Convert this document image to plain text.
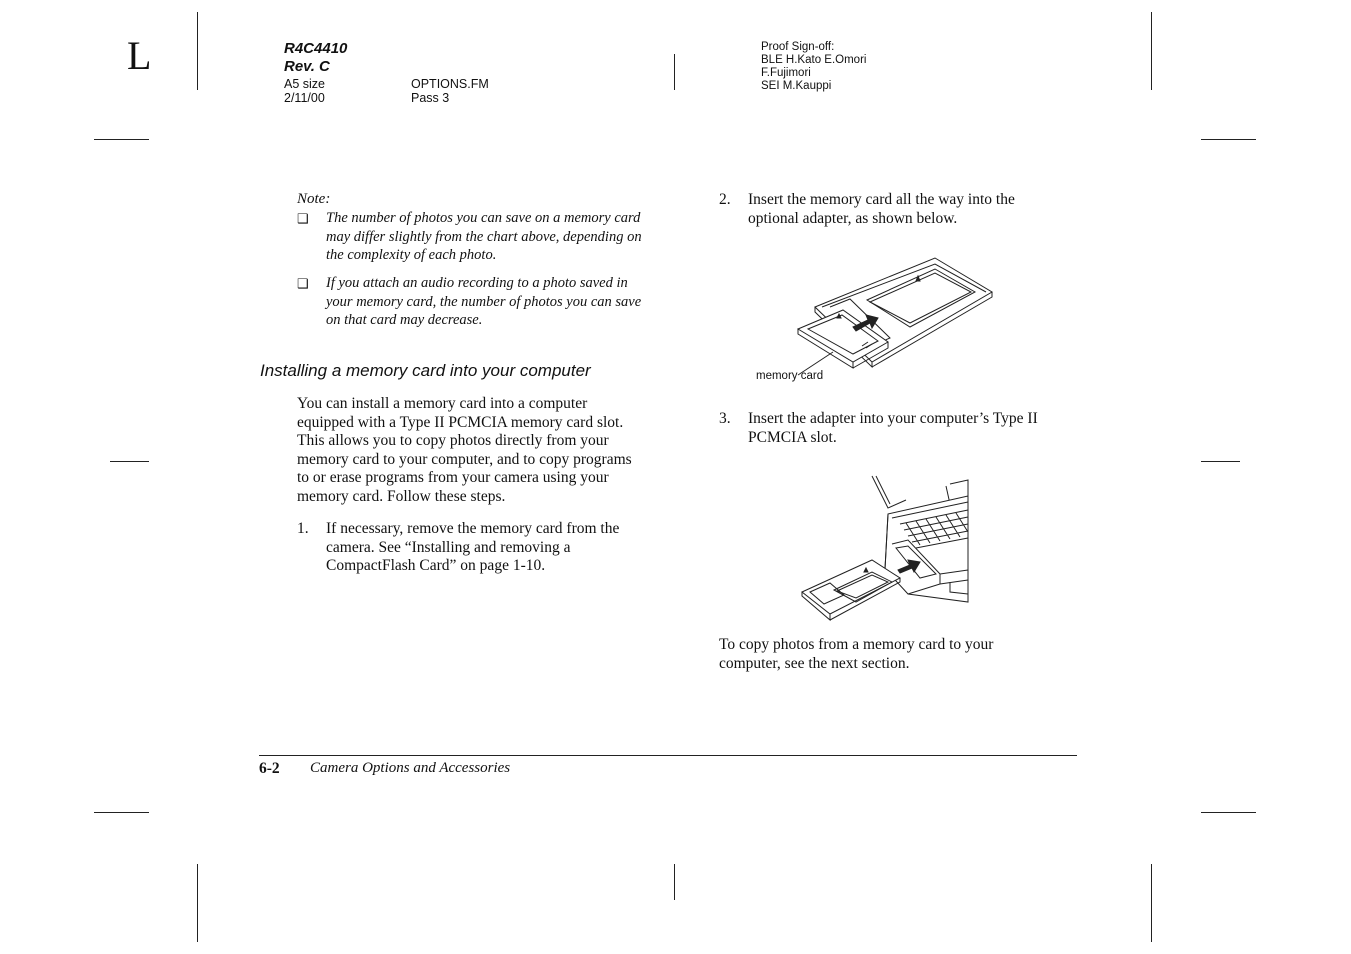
L	R4C4410
Rev. C
A5 size
2/11/00
OPTIONS.FM
Pass 3
Proof Sign-off:
BLE H.Kato E.Omori
F.Fujimori
SEI M.Kauppi
Note:
❑ The number of photos you can save on a memory card
may differ slightly from the chart above, depending on
the complexity of each photo.
❑ If you attach an audio recording to a photo saved in
your memory card, the number of photos you can save
on that card may decrease.
Installing a memory card into your computer
You can install a memory card into a computer
equipped with a Type II PCMCIA memory card slot.
This allows you to copy photos directly from your
memory card to your computer, and to copy programs
to or erase programs from your camera using your
memory card. Follow these steps.
1. If necessary, remove the memory card from the
camera. See “Installing and removing a
CompactFlash Card” on page 1-10.
2. Insert the memory card all the way into the
optional adapter, as shown below.
memory card
3. Insert the adapter into your computer’s Type II
PCMCIA slot.
To copy photos from a memory card to your
computer, see the next section.
6-2 Camera Options and Accessories
